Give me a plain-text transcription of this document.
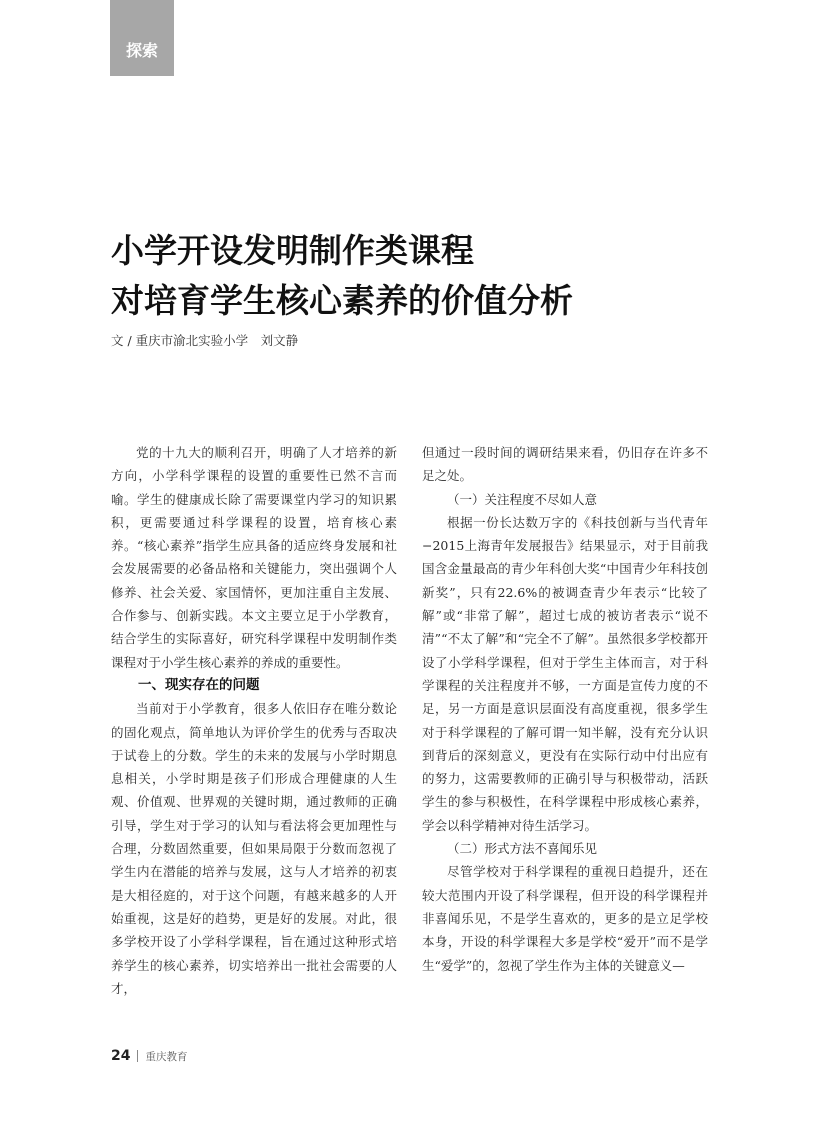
探索
小学开设发明制作类课程
对培育学生核心素养的价值分析
文 / 重庆市渝北实验小学　刘文静

党的十九大的顺利召开，明确了人才培养的新方向，小学科学课程的设置的重要性已然不言而喻。学生的健康成长除了需要课堂内学习的知识累积，更需要通过科学课程的设置，培育核心素养。“核心素养”指学生应具备的适应终身发展和社会发展需要的必备品格和关键能力，突出强调个人修养、社会关爱、家国情怀，更加注重自主发展、合作参与、创新实践。本文主要立足于小学教育，结合学生的实际喜好，研究科学课程中发明制作类课程对于小学生核心素养的养成的重要性。

一、现实存在的问题

当前对于小学教育，很多人依旧存在唯分数论的固化观点，简单地认为评价学生的优秀与否取决于试卷上的分数。学生的未来的发展与小学时期息息相关，小学时期是孩子们形成合理健康的人生观、价值观、世界观的关键时期，通过教师的正确引导，学生对于学习的认知与看法将会更加理性与合理，分数固然重要，但如果局限于分数而忽视了学生内在潜能的培养与发展，这与人才培养的初衷是大相径庭的，对于这个问题，有越来越多的人开始重视，这是好的趋势，更是好的发展。对此，很多学校开设了小学科学课程，旨在通过这种形式培养学生的核心素养，切实培养出一批社会需要的人才，

但通过一段时间的调研结果来看，仍旧存在许多不足之处。

（一）关注程度不尽如人意

根据一份长达数万字的《科技创新与当代青年−2015上海青年发展报告》结果显示，对于目前我国含金量最高的青少年科创大奖“中国青少年科技创新奖”，只有22.6%的被调查青少年表示“比较了解”或“非常了解”，超过七成的被访者表示“说不清”“不太了解”和“完全不了解”。虽然很多学校都开设了小学科学课程，但对于学生主体而言，对于科学课程的关注程度并不够，一方面是宣传力度的不足，另一方面是意识层面没有高度重视，很多学生对于科学课程的了解可谓一知半解，没有充分认识到背后的深刻意义，更没有在实际行动中付出应有的努力，这需要教师的正确引导与积极带动，活跃学生的参与积极性，在科学课程中形成核心素养，学会以科学精神对待生活学习。

（二）形式方法不喜闻乐见

尽管学校对于科学课程的重视日趋提升，还在较大范围内开设了科学课程，但开设的科学课程并非喜闻乐见，不是学生喜欢的，更多的是立足学校本身，开设的科学课程大多是学校“爱开”而不是学生“爱学”的，忽视了学生作为主体的关键意义—

24 重庆教育
